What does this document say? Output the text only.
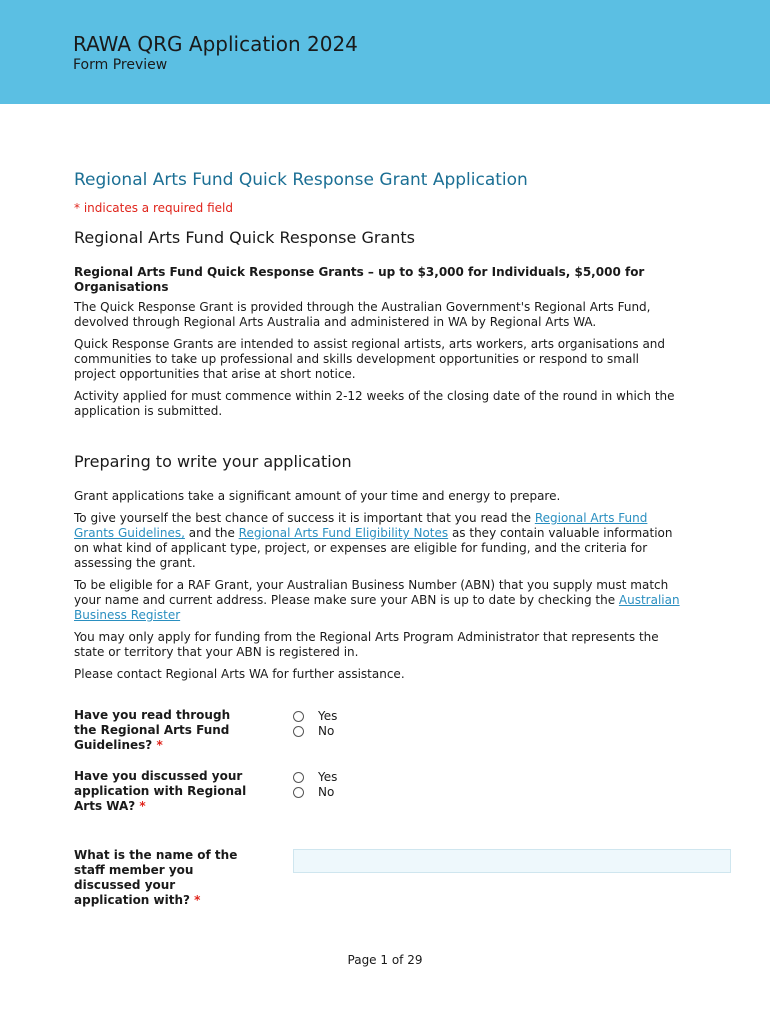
RAWA QRG Application 2024
Form Preview
Regional Arts Fund Quick Response Grant Application
* indicates a required field
Regional Arts Fund Quick Response Grants

Regional Arts Fund Quick Response Grants – up to $3,000 for Individuals, $5,000 for Organisations

The Quick Response Grant is provided through the Australian Government's Regional Arts Fund, devolved through Regional Arts Australia and administered in WA by Regional Arts WA.

Quick Response Grants are intended to assist regional artists, arts workers, arts organisations and communities to take up professional and skills development opportunities or respond to small project opportunities that arise at short notice.

Activity applied for must commence within 2-12 weeks of the closing date of the round in which the application is submitted.

Preparing to write your application

Grant applications take a significant amount of your time and energy to prepare.

To give yourself the best chance of success it is important that you read the Regional Arts Fund Grants Guidelines, and the Regional Arts Fund Eligibility Notes as they contain valuable information on what kind of applicant type, project, or expenses are eligible for funding, and the criteria for assessing the grant.

To be eligible for a RAF Grant, your Australian Business Number (ABN) that you supply must match your name and current address. Please make sure your ABN is up to date by checking the Australian Business Register

You may only apply for funding from the Regional Arts Program Administrator that represents the state or territory that your ABN is registered in.

Please contact Regional Arts WA for further assistance.

Have you read through the Regional Arts Fund Guidelines? *
Yes
No
Have you discussed your application with Regional Arts WA? *
Yes
No
What is the name of the staff member you discussed your application with? *
Page 1 of 29
